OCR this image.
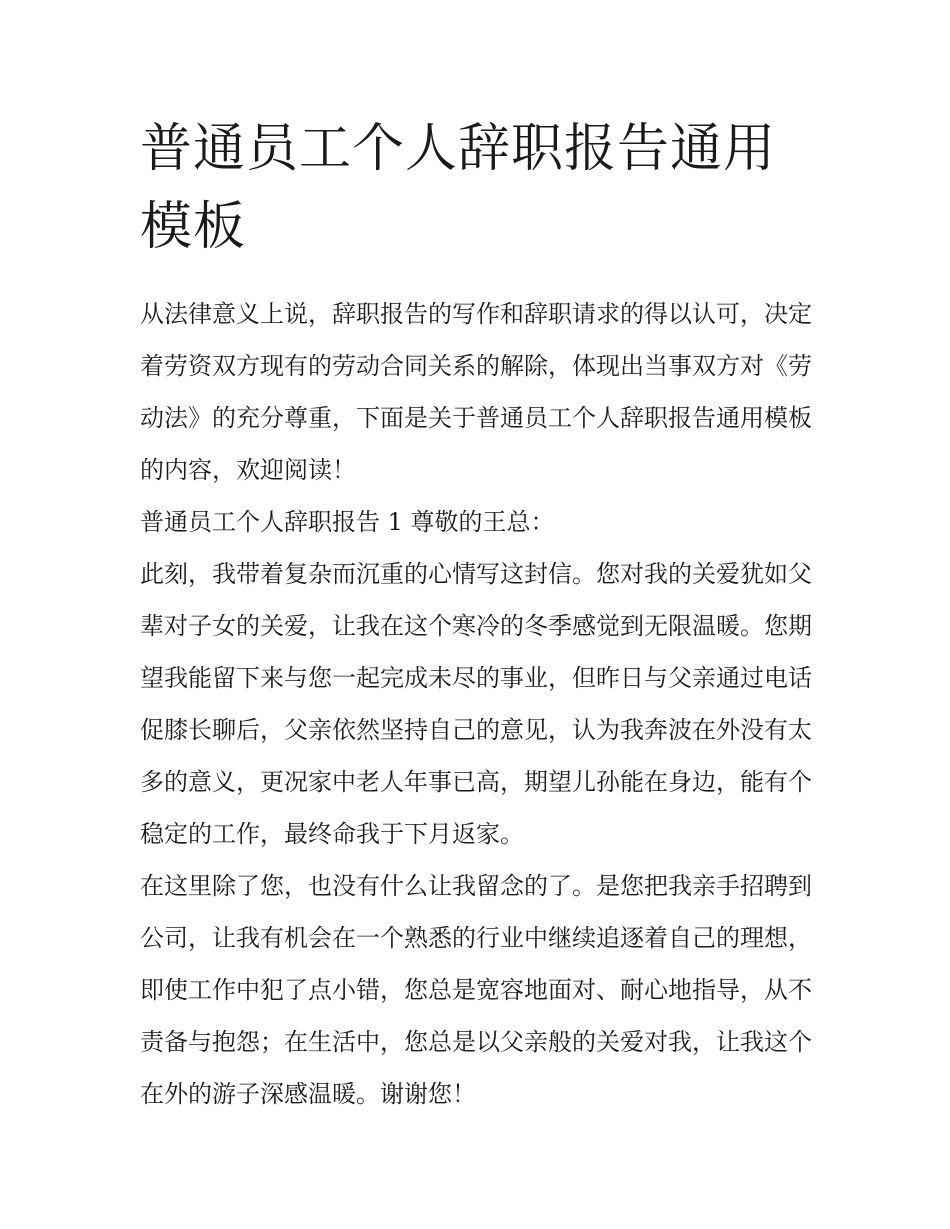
普通员工个人辞职报告通用模板

从法律意义上说，辞职报告的写作和辞职请求的得以认可，决定着劳资双方现有的劳动合同关系的解除，体现出当事双方对《劳动法》的充分尊重，下面是关于普通员工个人辞职报告通用模板的内容，欢迎阅读！

普通员工个人辞职报告 1 尊敬的王总：

此刻，我带着复杂而沉重的心情写这封信。您对我的关爱犹如父辈对子女的关爱，让我在这个寒冷的冬季感觉到无限温暖。您期望我能留下来与您一起完成未尽的事业，但昨日与父亲通过电话促膝长聊后，父亲依然坚持自己的意见，认为我奔波在外没有太多的意义，更况家中老人年事已高，期望儿孙能在身边，能有个稳定的工作，最终命我于下月返家。

在这里除了您，也没有什么让我留念的了。是您把我亲手招聘到公司，让我有机会在一个熟悉的行业中继续追逐着自己的理想，即使工作中犯了点小错，您总是宽容地面对、耐心地指导，从不责备与抱怨；在生活中，您总是以父亲般的关爱对我，让我这个在外的游子深感温暖。谢谢您！
